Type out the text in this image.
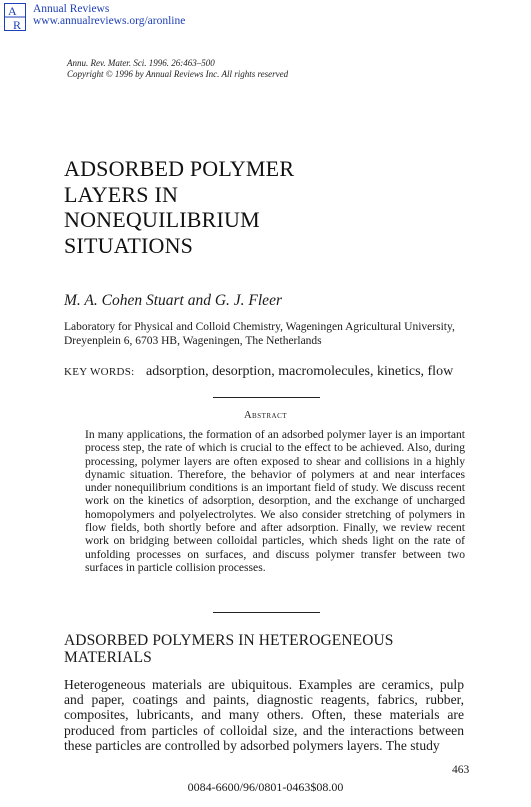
A
R
Annual Reviews
www.annualreviews.org/aronline
Annu. Rev. Mater. Sci. 1996. 26:463–500
Copyright © 1996 by Annual Reviews Inc. All rights reserved
ADSORBED POLYMER
LAYERS IN
NONEQUILIBRIUM
SITUATIONS
M. A. Cohen Stuart and G. J. Fleer
Laboratory for Physical and Colloid Chemistry, Wageningen Agricultural University, Dreyenplein 6, 6703 HB, Wageningen, The Netherlands
KEY WORDS: adsorption, desorption, macromolecules, kinetics, flow
Abstract
In many applications, the formation of an adsorbed polymer layer is an important process step, the rate of which is crucial to the effect to be achieved. Also, during processing, polymer layers are often exposed to shear and collisions in a highly dynamic situation. Therefore, the behavior of polymers at and near interfaces under nonequilibrium conditions is an important field of study. We discuss recent work on the kinetics of adsorption, desorption, and the exchange of uncharged homopolymers and polyelectrolytes. We also consider stretching of polymers in flow fields, both shortly before and after adsorption. Finally, we review recent work on bridging between colloidal particles, which sheds light on the rate of unfolding processes on surfaces, and discuss polymer transfer between two surfaces in particle collision processes.
ADSORBED POLYMERS IN HETEROGENEOUS MATERIALS
Heterogeneous materials are ubiquitous. Examples are ceramics, pulp and paper, coatings and paints, diagnostic reagents, fabrics, rubber, composites, lubricants, and many others. Often, these materials are produced from particles of colloidal size, and the interactions between these particles are controlled by adsorbed polymers layers. The study
463
0084-6600/96/0801-0463$08.00
